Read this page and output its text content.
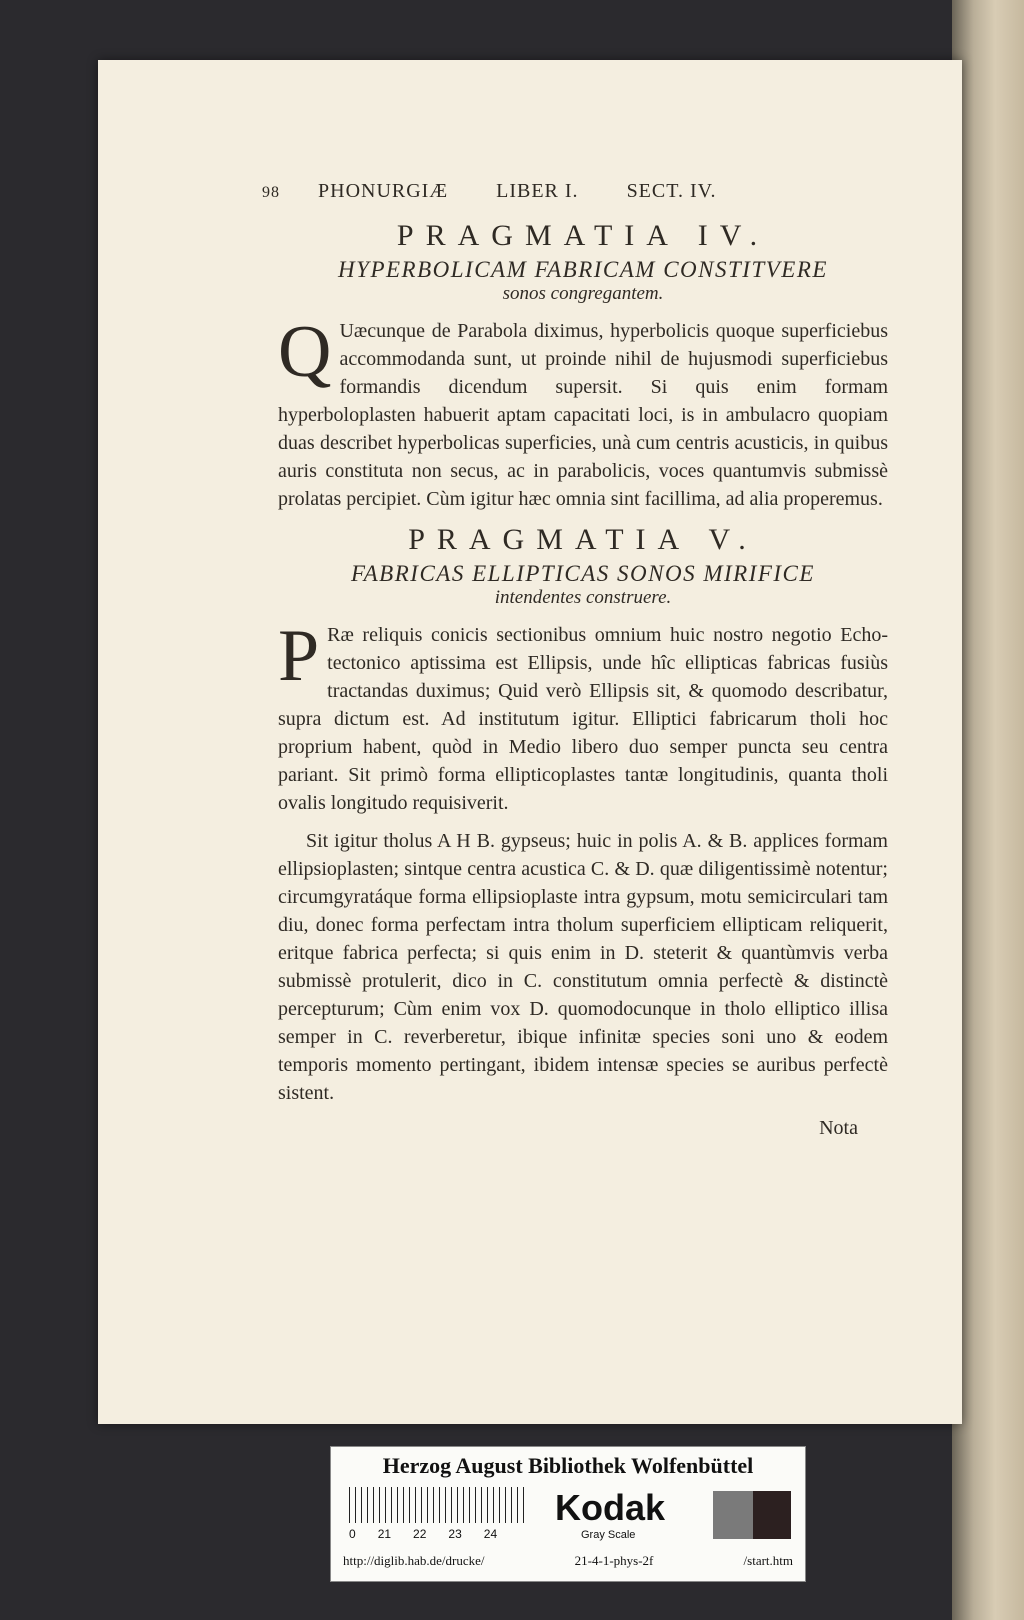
98 PHONURGIÆ LIBER I. SECT. IV.
PRAGMATIA IV.
HYPERBOLICAM FABRICAM CONSTITVERE
sonos congregantem.

Q Uæcunque de Parabola diximus, hyperbolicis quoque superficiebus accommodanda sunt, ut proinde nihil de hujusmodi superficiebus formandis dicendum supersit. Si quis enim formam hyperboloplasten habuerit aptam capacitati loci, is in ambulacro quopiam duas describet hyperbolicas superficies, unà cum centris acusticis, in quibus auris constituta non secus, ac in parabolicis, voces quantumvis submissè prolatas percipiet. Cùm igitur hæc omnia sint facillima, ad alia properemus.

PRAGMATIA V.
FABRICAS ELLIPTICAS SONOS MIRIFICE
intendentes construere.

P Ræ reliquis conicis sectionibus omnium huic nostro negotio Echo-tectonico aptissima est Ellipsis, unde hîc ellipticas fabricas fusiùs tractandas duximus; Quid verò Ellipsis sit, & quomodo describatur, supra dictum est. Ad institutum igitur. Elliptici fabricarum tholi hoc proprium habent, quòd in Medio libero duo semper puncta seu centra pariant. Sit primò forma ellipticoplastes tantæ longitudinis, quanta tholi ovalis longitudo requisiverit.

Sit igitur tholus A H B. gypseus; huic in polis A. & B. applices formam ellipsioplasten; sintque centra acustica C. & D. quæ diligentissimè notentur; circumgyratáque forma ellipsioplaste intra gypsum, motu semicirculari tam diu, donec forma perfectam intra tholum superficiem ellipticam reliquerit, eritque fabrica perfecta; si quis enim in D. steterit & quantùmvis verba submissè protulerit, dico in C. constitutum omnia perfectè & distinctè percepturum; Cùm enim vox D. quomodocunque in tholo elliptico illisa semper in C. reverberetur, ibique infinitæ species soni uno & eodem temporis momento pertingant, ibidem intensæ species se auribus perfectè sistent.

Nota
Herzog August Bibliothek Wolfenbüttel
0 21 22 23 24
Kodak
Gray Scale
http://diglib.hab.de/drucke/	21-4-1-phys-2f	/start.htm
